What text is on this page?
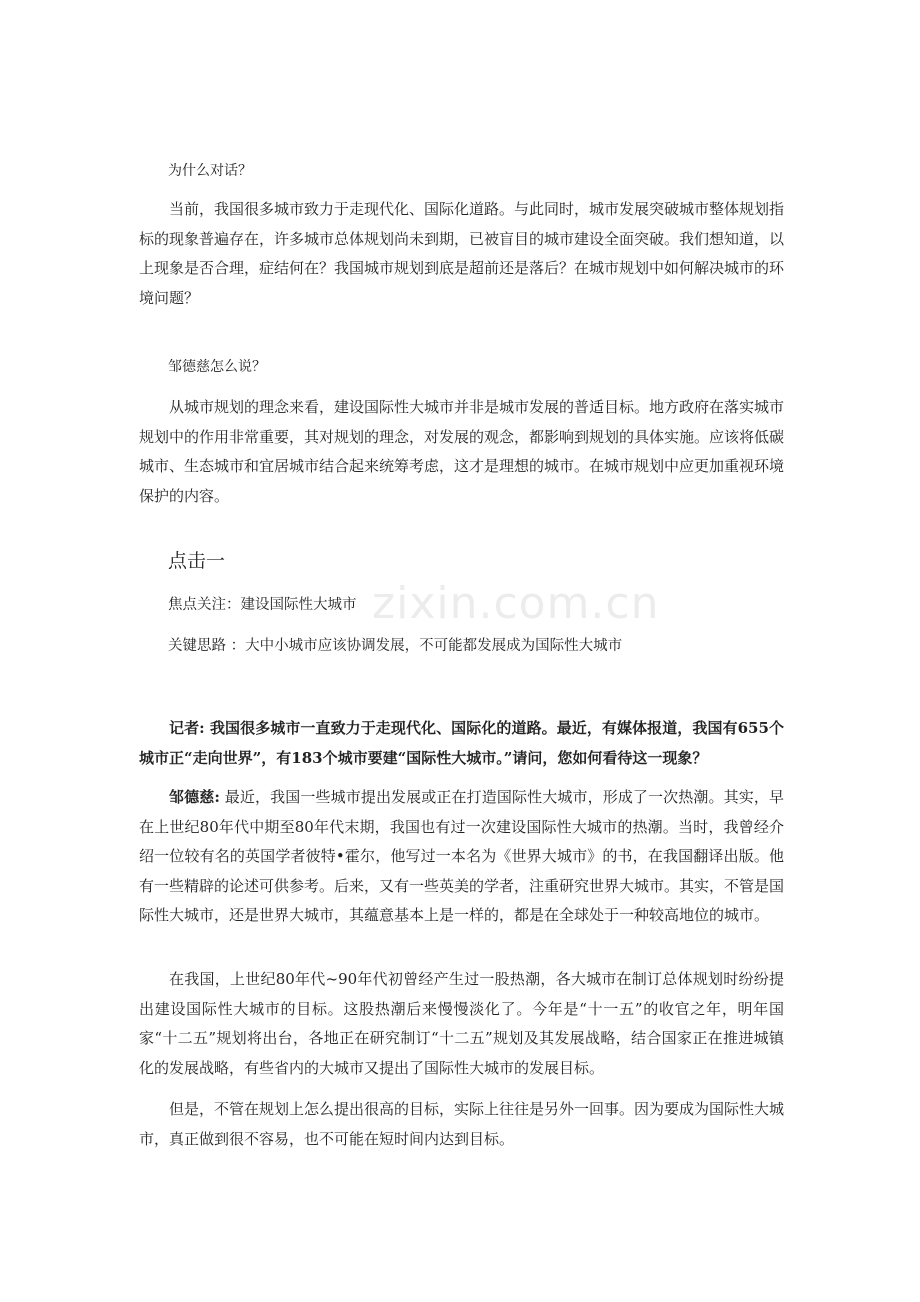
zixin.com.cn
为什么对话？

当前，我国很多城市致力于走现代化、国际化道路。与此同时，城市发展突破城市整体规划指标的现象普遍存在，许多城市总体规划尚未到期，已被盲目的城市建设全面突破。我们想知道，以上现象是否合理，症结何在？我国城市规划到底是超前还是落后？在城市规划中如何解决城市的环境问题？

邹德慈怎么说？

从城市规划的理念来看，建设国际性大城市并非是城市发展的普适目标。地方政府在落实城市规划中的作用非常重要，其对规划的理念，对发展的观念，都影响到规划的具体实施。应该将低碳城市、生态城市和宜居城市结合起来统筹考虑，这才是理想的城市。在城市规划中应更加重视环境保护的内容。

点击一
焦点关注：建设国际性大城市
关键思路 ：大中小城市应该协调发展，不可能都发展成为国际性大城市

记者: 我国很多城市一直致力于走现代化、国际化的道路。最近，有媒体报道，我国有655个城市正“走向世界”，有183个城市要建“国际性大城市。”请问，您如何看待这一现象？

邹德慈: 最近，我国一些城市提出发展或正在打造国际性大城市，形成了一次热潮。其实，早在上世纪80年代中期至80年代末期，我国也有过一次建设国际性大城市的热潮。当时，我曾经介绍一位较有名的英国学者彼特•霍尔，他写过一本名为《世界大城市》的书，在我国翻译出版。他有一些精辟的论述可供参考。后来，又有一些英美的学者，注重研究世界大城市。其实，不管是国际性大城市，还是世界大城市，其蕴意基本上是一样的，都是在全球处于一种较高地位的城市。

在我国，上世纪80年代~90年代初曾经产生过一股热潮，各大城市在制订总体规划时纷纷提出建设国际性大城市的目标。这股热潮后来慢慢淡化了。今年是“十一五”的收官之年，明年国家“十二五”规划将出台，各地正在研究制订“十二五”规划及其发展战略，结合国家正在推进城镇化的发展战略，有些省内的大城市又提出了国际性大城市的发展目标。

但是，不管在规划上怎么提出很高的目标，实际上往往是另外一回事。因为要成为国际性大城市，真正做到很不容易，也不可能在短时间内达到目标。
